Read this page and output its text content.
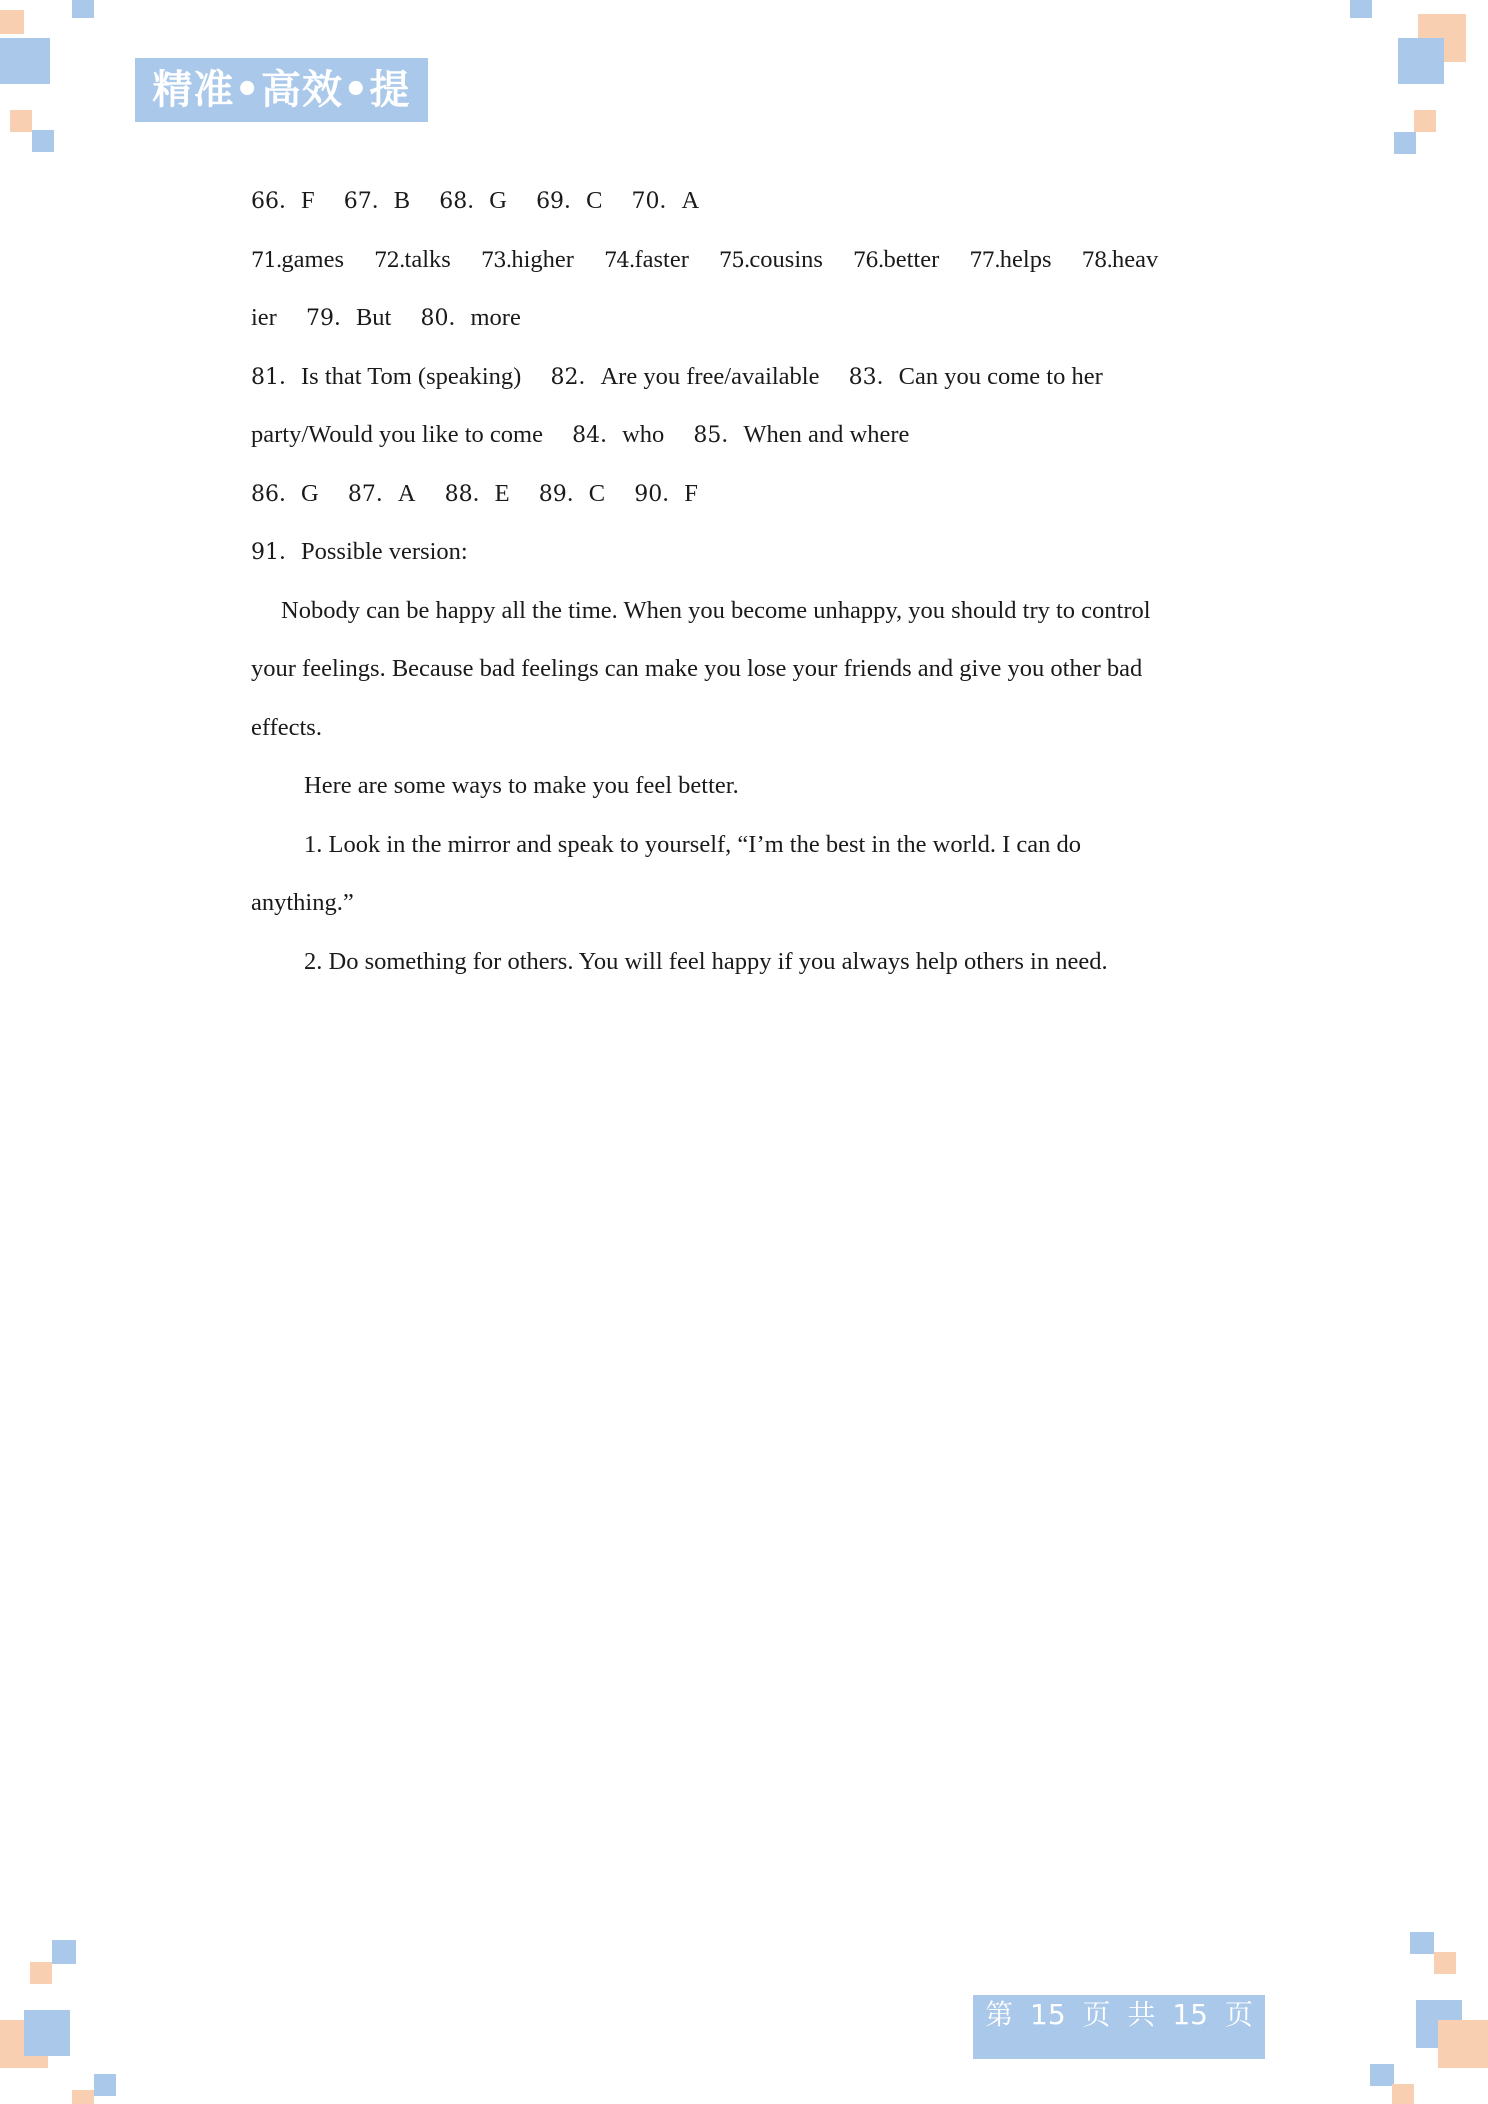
精准•高效•提升
66．F 67．B 68．G 69．C 70．A
71.games 72.talks 73.higher 74.faster 75.cousins 76.better 77.helps 78.heav
ier 79．But 80．more
81．Is that Tom (speaking) 82．Are you free/available 83．Can you come to her
party/Would you like to come 84．who 85．When and where
86．G 87．A 88．E 89．C 90．F
91．Possible version:
Nobody can be happy all the time. When you become unhappy, you should try to control
your feelings. Because bad feelings can make you lose your friends and give you other bad
effects.
Here are some ways to make you feel better.
1. Look in the mirror and speak to yourself, “I’m the best in the world. I can do
anything.”
2. Do something for others. You will feel happy if you always help others in need.
第 15 页 共 15 页
